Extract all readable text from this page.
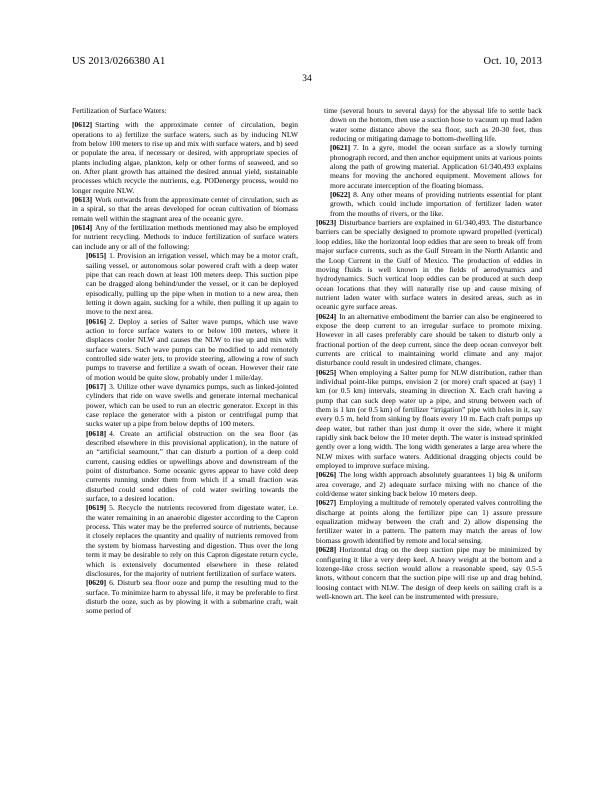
US 2013/0266380 A1	Oct. 10, 2013
34
Fertilization of Surface Waters:

[0612] Starting with the approximate center of circulation, begin operations to a) fertilize the surface waters, such as by inducing NLW from below 100 meters to rise up and mix with surface waters, and b) seed or populate the area, if necessary or desired, with appropriate species of plants including algae, plankton, kelp or other forms of seaweed, and so on. After plant growth has attained the desired annual yield, sustainable processes which recycle the nutrients, e.g. PODenergy process, would no longer require NLW.

[0613] Work outwards from the approximate center of circulation, such as in a spiral, so that the areas developed for ocean cultivation of biomass remain well within the stagnant area of the oceanic gyre.

[0614] Any of the fertilization methods mentioned may also be employed for nutrient recycling. Methods to induce fertilization of surface waters can include any or all of the following:

[0615] 1. Provision an irrigation vessel, which may be a motor craft, sailing vessel, or autonomous solar powered craft with a deep water pipe that can reach down at least 100 meters deep. This suction pipe can be dragged along behind/under the vessel, or it can be deployed episodically, pulling up the pipe when in motion to a new area, then letting it down again, sucking for a while, then pulling it up again to move to the next area.

[0616] 2. Deploy a series of Salter wave pumps, which use wave action to force surface waters to or below 100 meters, where it displaces cooler NLW and causes the NLW to rise up and mix with surface waters. Such wave pumps can be modified to add remotely controlled side water jets, to provide steering, allowing a row of such pumps to traverse and fertilize a swath of ocean. However their rate of motion would be quite slow, probably under 1 mile/day.

[0617] 3. Utilize other wave dynamics pumps, such as linked-jointed cylinders that ride on wave swells and generate internal mechanical power, which can be used to run an electric generator. Except in this case replace the generator with a piston or centrifugal pump that sucks water up a pipe from below depths of 100 meters.

[0618] 4. Create an artificial obstruction on the sea floor (as described elsewhere in this provisional application), in the nature of an “artificial seamount,” that can disturb a portion of a deep cold current, causing eddies or upwellings above and downstream of the point of disturbance. Some oceanic gyres appear to have cold deep currents running under them from which if a small fraction was disturbed could send eddies of cold water swirling towards the surface, to a desired location.

[0619] 5. Recycle the nutrients recovered from digestate water, i.e. the water remaining in an anaerobic digester according to the Capron process. This water may be the preferred source of nutrients, because it closely replaces the quantity and quality of nutrients removed from the system by biomass harvesting and digestion. Thus over the long term it may be desirable to rely on this Capron digestate return cycle, which is extensively documented elsewhere in these related disclosures, for the majority of nutrient fertilization of surface waters.

[0620] 6. Disturb sea floor ooze and pump the resulting mud to the surface. To minimize harm to abyssal life, it may be preferable to first disturb the ooze, such as by plowing it with a submarine craft, wait some period of

time (several hours to several days) for the abyssal life to settle back down on the bottom, then use a suction hose to vacuum up mud laden water some distance above the sea floor, such as 20-30 feet, thus reducing or mitigating damage to bottom-dwelling life.

[0621] 7. In a gyre, model the ocean surface as a slowly turning phonograph record, and then anchor equipment units at various points along the path of growing material. Application 61/340,493 explains means for moving the anchored equipment. Movement allows for more accurate interception of the floating biomass.

[0622] 8. Any other means of providing nutrients essential for plant growth, which could include importation of fertilizer laden water from the mouths of rivers, or the like.

[0623] Disturbance barriers are explained in 61/340,493. The disturbance barriers can be specially designed to promote upward propelled (vertical) loop eddies, like the horizontal loop eddies that are seen to break off from major surface currents, such as the Gulf Stream in the North Atlantic and the Loop Current in the Gulf of Mexico. The production of eddies in moving fluids is well known in the fields of aerodynamics and hydrodynamics. Such vertical loop eddies can be produced at such deep ocean locations that they will naturally rise up and cause mixing of nutrient laden water with surface waters in desired areas, such as in oceanic gyre surface areas.

[0624] In an alternative embodiment the barrier can also be engineered to expose the deep current to an irregular surface to promote mixing. However in all cases preferably care should be taken to disturb only a fractional portion of the deep current, since the deep ocean conveyor belt currents are critical to maintaining world climate and any major disturbance could result in undesired climate, changes.

[0625] When employing a Salter pump for NLW distribution, rather than individual point-like pumps, envision 2 (or more) craft spaced at (say) 1 km (or 0.5 km) intervals, steaming in direction X. Each craft having a pump that can suck deep water up a pipe, and strung between each of them is 1 km (or 0.5 km) of fertilizer “irrigation” pipe with holes in it, say every 0.5 m, held from sinking by floats every 10 m. Each craft pumps up deep water, but rather than just dump it over the side, where it might rapidly sink back below the 10 meter depth. The water is instead sprinkled gently over a long width. The long width generates a large area where the NLW mixes with surface waters. Additional dragging objects could be employed to improve surface mixing.

[0626] The long width approach absolutely guarantees 1) big & uniform area coverage, and 2) adequate surface mixing with no chance of the cold/dense water sinking back below 10 meters deep.

[0627] Employing a multitude of remotely operated valves controlling the discharge at points along the fertilizer pipe can 1) assure pressure equalization midway between the craft and 2) allow dispensing the fertilizer water in a pattern. The pattern may match the areas of low biomass growth identified by remote and local sensing.

[0628] Horizontal drag on the deep suction pipe may be minimized by configuring it like a very deep keel. A heavy weight at the bottom and a lozenge-like cross section would allow a reasonable speed, say 0.5-5 knots, without concern that the suction pipe will rise up and drag behind, loosing contact with NLW. The design of deep keels on sailing craft is a well-known art. The keel can be instrumented with pressure,
